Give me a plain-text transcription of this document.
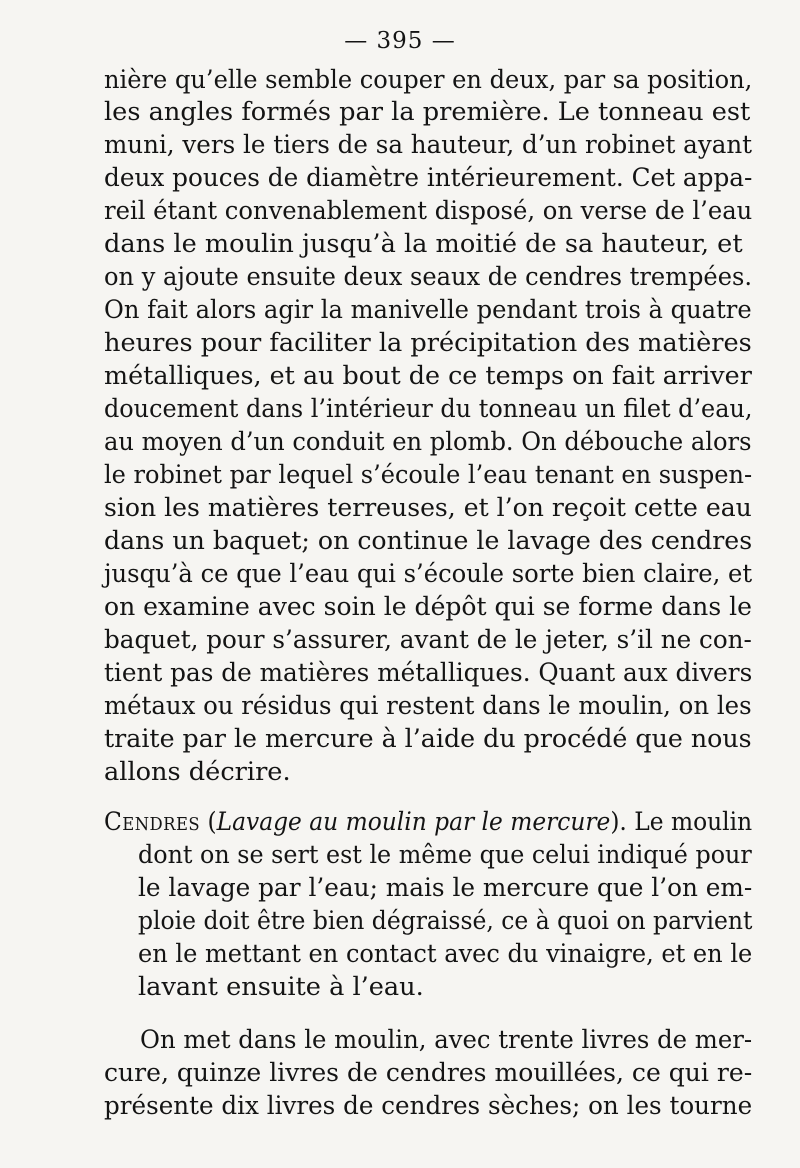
— 395 —
nière qu’elle semble couper en deux, par sa position,
les angles formés par la première. Le tonneau est
muni, vers le tiers de sa hauteur, d’un robinet ayant
deux pouces de diamètre intérieurement. Cet appa-
reil étant convenablement disposé, on verse de l’eau
dans le moulin jusqu’à la moitié de sa hauteur, et
on y ajoute ensuite deux seaux de cendres trempées.
On fait alors agir la manivelle pendant trois à quatre
heures pour faciliter la précipitation des matières
métalliques, et au bout de ce temps on fait arriver
doucement dans l’intérieur du tonneau un filet d’eau,
au moyen d’un conduit en plomb. On débouche alors
le robinet par lequel s’écoule l’eau tenant en suspen-
sion les matières terreuses, et l’on reçoit cette eau
dans un baquet; on continue le lavage des cendres
jusqu’à ce que l’eau qui s’écoule sorte bien claire, et
on examine avec soin le dépôt qui se forme dans le
baquet, pour s’assurer, avant de le jeter, s’il ne con-
tient pas de matières métalliques. Quant aux divers
métaux ou résidus qui restent dans le moulin, on les
traite par le mercure à l’aide du procédé que nous
allons décrire.
Cendres (Lavage au moulin par le mercure). Le moulin
dont on se sert est le même que celui indiqué pour
le lavage par l’eau; mais le mercure que l’on em-
ploie doit être bien dégraissé, ce à quoi on parvient
en le mettant en contact avec du vinaigre, et en le
lavant ensuite à l’eau.
On met dans le moulin, avec trente livres de mer-
cure, quinze livres de cendres mouillées, ce qui re-
présente dix livres de cendres sèches; on les tourne
